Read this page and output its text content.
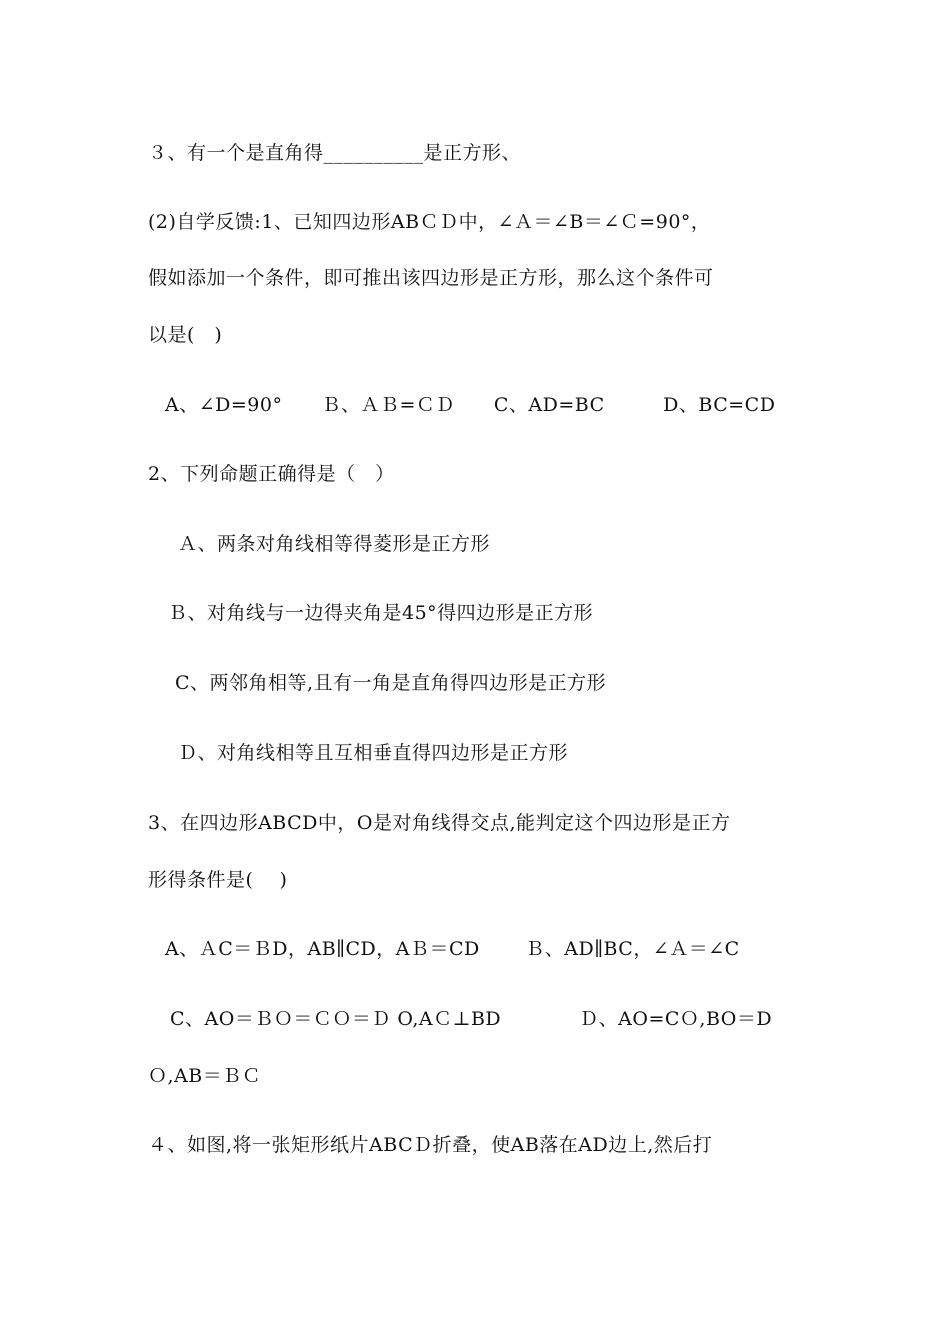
３、有一个是直角得__________是正方形、
(2)自学反馈:1、已知四边形ABＣＤ中，∠Ａ＝∠B＝∠Ｃ=90°，
假如添加一个条件，即可推出该四边形是正方形，那么这个条件可
以是(　)
A、∠D=90°　　Ｂ、ＡＢ=ＣＤ　　C、AD=BC　　　D、BC=CD
2、下列命题正确得是（　）
Ａ、两条对角线相等得菱形是正方形
Ｂ、对角线与一边得夹角是45°得四边形是正方形
C、两邻角相等,且有一角是直角得四边形是正方形
Ｄ、对角线相等且互相垂直得四边形是正方形
3、在四边形ABCD中，O是对角线得交点,能判定这个四边形是正方
形得条件是(　 )
A、ＡC＝ＢD，AB∥CD，AＢ＝CD　　 Ｂ、AD∥BC，∠Ａ＝∠C
C、AO＝ＢＯ＝ＣＯ＝Ｄ O,AＣ⊥BD　　　　Ｄ、AO=CＯ,BO＝D
Ｏ,AB＝ＢＣ
４、如图,将一张矩形纸片ABCＤ折叠，使AB落在AD边上,然后打
